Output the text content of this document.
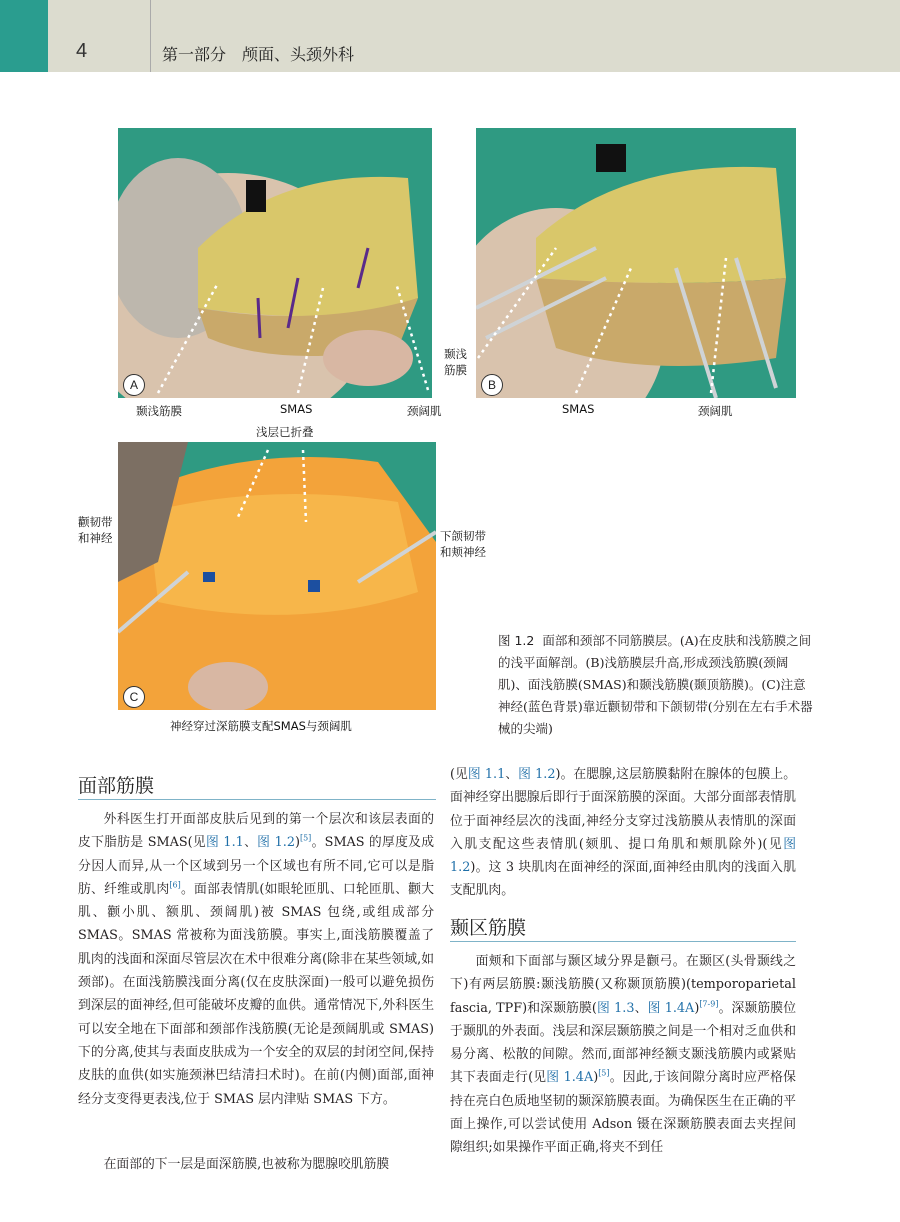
4	第一部分　颅面、头颈外科
A	B
C
颞浅筋膜	SMAS	颈阔肌
颞浅
筋膜
SMAS	颈阔肌
浅层已折叠
颧韧带
和神经	下颌韧带
和颊神经
神经穿过深筋膜支配SMAS与颈阔肌
图 1.2 面部和颈部不同筋膜层。(A)在皮肤和浅筋膜之间的浅平面解剖。(B)浅筋膜层升高,形成颈浅筋膜(颈阔肌)、面浅筋膜(SMAS)和颞浅筋膜(颞顶筋膜)。(C)注意神经(蓝色背景)靠近颧韧带和下颌韧带(分别在左右手术器械的尖端)
面部筋膜

外科医生打开面部皮肤后见到的第一个层次和该层表面的皮下脂肪是 SMAS(见图 1.1、图 1.2)[5]。SMAS 的厚度及成分因人而异,从一个区域到另一个区域也有所不同,它可以是脂肪、纤维或肌肉[6]。面部表情肌(如眼轮匝肌、口轮匝肌、颧大肌、颧小肌、额肌、颈阔肌)被 SMAS 包绕,或组成部分 SMAS。SMAS 常被称为面浅筋膜。事实上,面浅筋膜覆盖了肌肉的浅面和深面尽管层次在术中很难分离(除非在某些领域,如颈部)。在面浅筋膜浅面分离(仅在皮肤深面)一般可以避免损伤到深层的面神经,但可能破坏皮瓣的血供。通常情况下,外科医生可以安全地在下面部和颈部作浅筋膜(无论是颈阔肌或 SMAS)下的分离,使其与表面皮肤成为一个安全的双层的封闭空间,保持皮肤的血供(如实施颈淋巴结清扫术时)。在前(内侧)面部,面神经分支变得更表浅,位于 SMAS 层内津贴 SMAS 下方。

在面部的下一层是面深筋膜,也被称为腮腺咬肌筋膜

(见图 1.1、图 1.2)。在腮腺,这层筋膜黏附在腺体的包膜上。面神经穿出腮腺后即行于面深筋膜的深面。大部分面部表情肌位于面神经层次的浅面,神经分支穿过浅筋膜从表情肌的深面入肌支配这些表情肌(颏肌、提口角肌和颊肌除外)(见图 1.2)。这 3 块肌肉在面神经的深面,面神经由肌肉的浅面入肌支配肌肉。

颞区筋膜

面颊和下面部与颞区域分界是颧弓。在颞区(头骨颞线之下)有两层筋膜:颞浅筋膜(又称颞顶筋膜)(temporoparietal fascia, TPF)和深颞筋膜(图 1.3、图 1.4A)[7-9]。深颞筋膜位于颞肌的外表面。浅层和深层颞筋膜之间是一个相对乏血供和易分离、松散的间隙。然而,面部神经额支颞浅筋膜内或紧贴其下表面走行(见图 1.4A)[5]。因此,于该间隙分离时应严格保持在亮白色质地坚韧的颞深筋膜表面。为确保医生在正确的平面上操作,可以尝试使用 Adson 镊在深颞筋膜表面去夹捏间隙组织;如果操作平面正确,将夹不到任
